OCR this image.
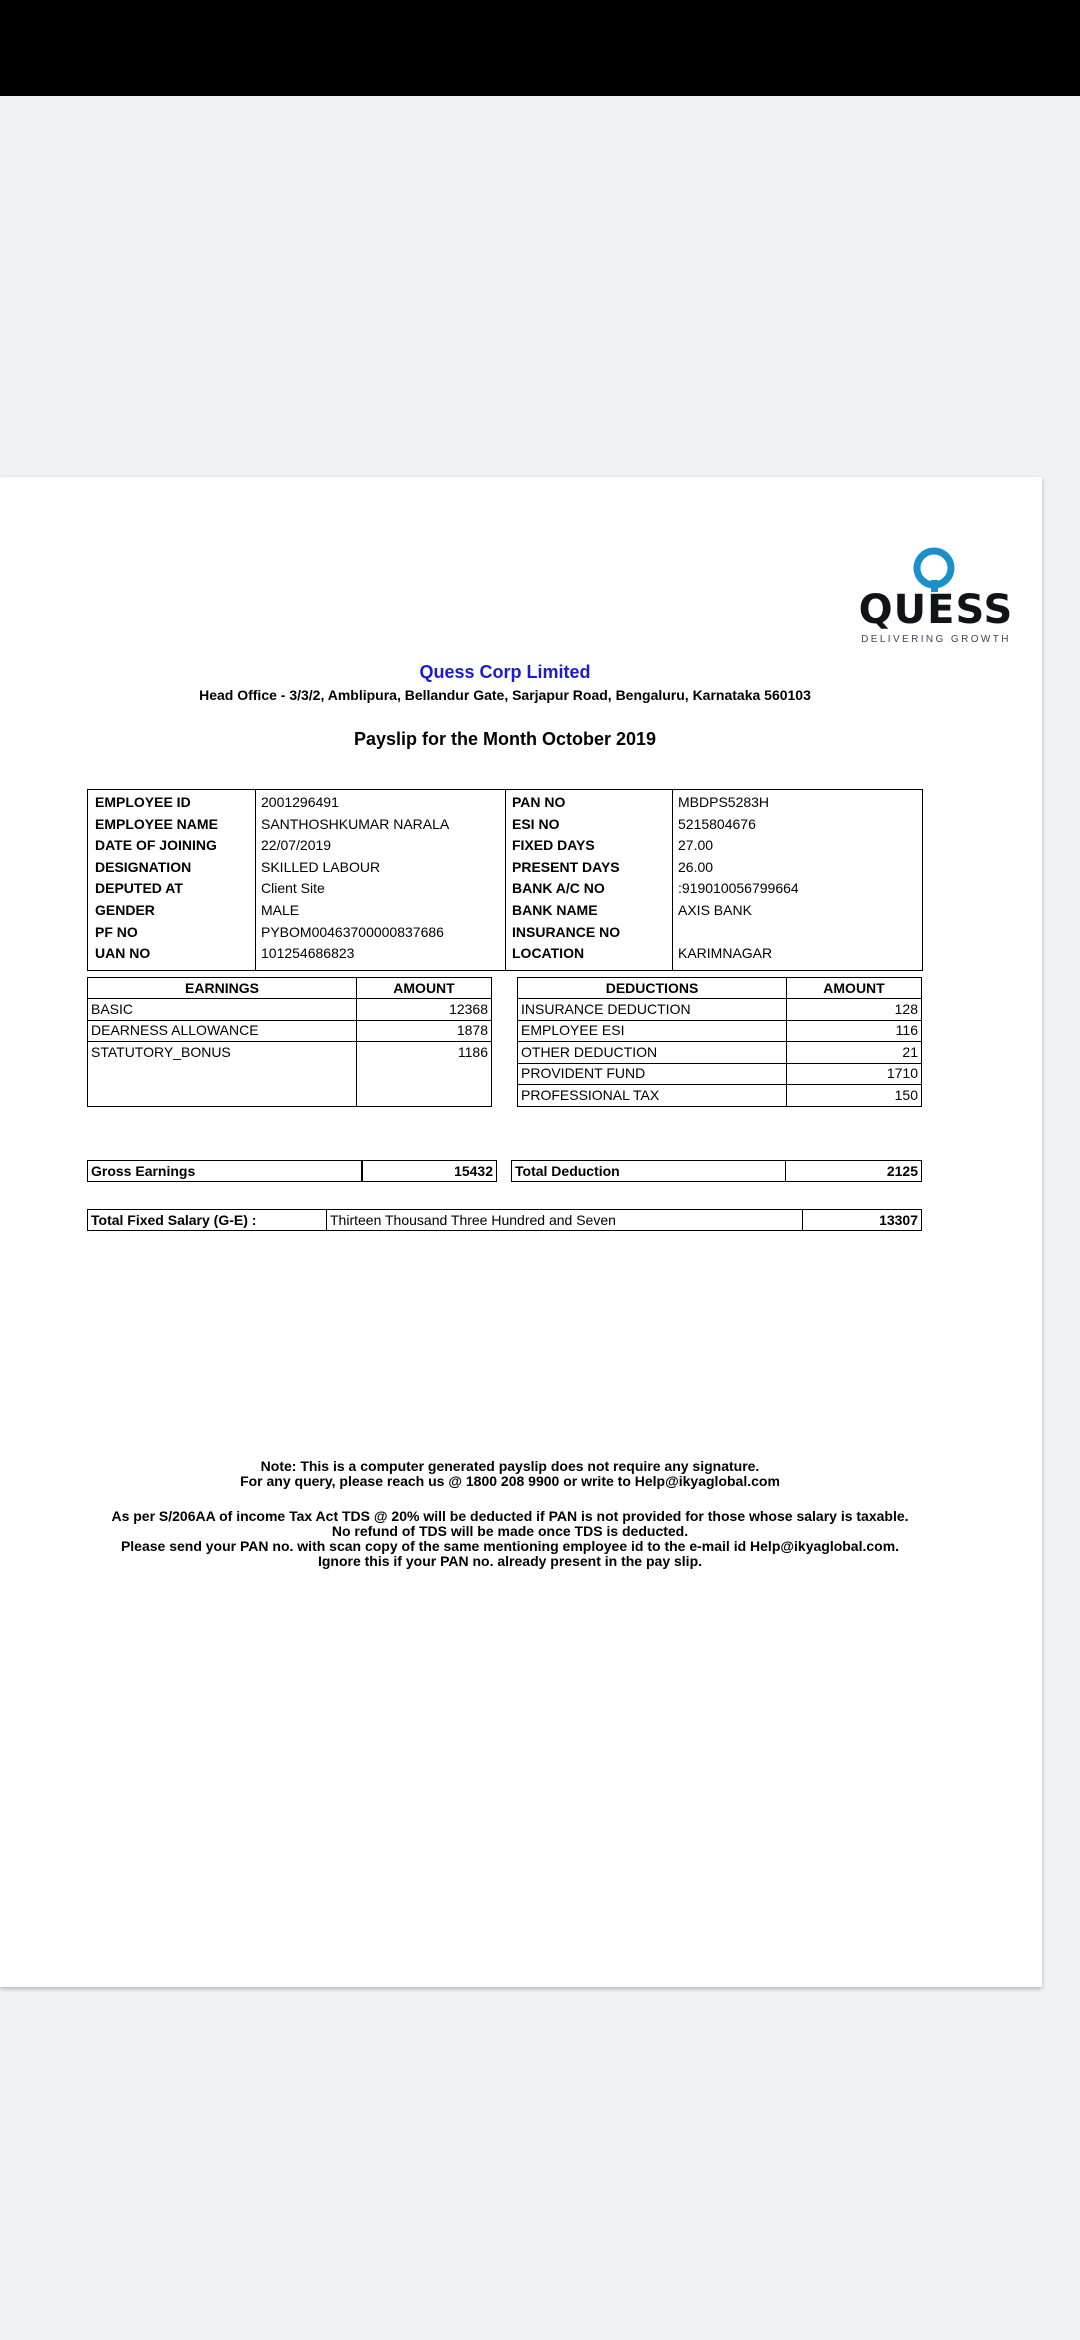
QUESS
DELIVERING GROWTH
Quess Corp Limited
Head Office - 3/3/2, Amblipura, Bellandur Gate, Sarjapur Road, Bengaluru, Karnataka 560103
Payslip for the Month October 2019
EMPLOYEE ID	2001296491
EMPLOYEE NAME	SANTHOSHKUMAR NARALA
DATE OF JOINING	22/07/2019
DESIGNATION	SKILLED LABOUR
DEPUTED AT	Client Site
GENDER	MALE
PF NO	PYBOM00463700000837686
UAN NO	101254686823
PAN NO	MBDPS5283H
ESI NO	5215804676
FIXED DAYS	27.00
PRESENT DAYS	26.00
BANK A/C NO	:919010056799664
BANK NAME	AXIS BANK
INSURANCE NO
LOCATION	KARIMNAGAR
EARNINGS	AMOUNT
BASIC	12368
DEARNESS ALLOWANCE	1878
STATUTORY_BONUS	1186
DEDUCTIONS	AMOUNT
INSURANCE DEDUCTION	128
EMPLOYEE ESI	116
OTHER DEDUCTION	21
PROVIDENT FUND	1710
PROFESSIONAL TAX	150
Gross Earnings	15432 Total Deduction	2125
Total Fixed Salary (G-E) :	Thirteen Thousand Three Hundred and Seven	13307
Note: This is a computer generated payslip does not require any signature.
For any query, please reach us @ 1800 208 9900 or write to Help@ikyaglobal.com
As per S/206AA of income Tax Act TDS @ 20% will be deducted if PAN is not provided for those whose salary is taxable.
No refund of TDS will be made once TDS is deducted.
Please send your PAN no. with scan copy of the same mentioning employee id to the e-mail id Help@ikyaglobal.com.
Ignore this if your PAN no. already present in the pay slip.
